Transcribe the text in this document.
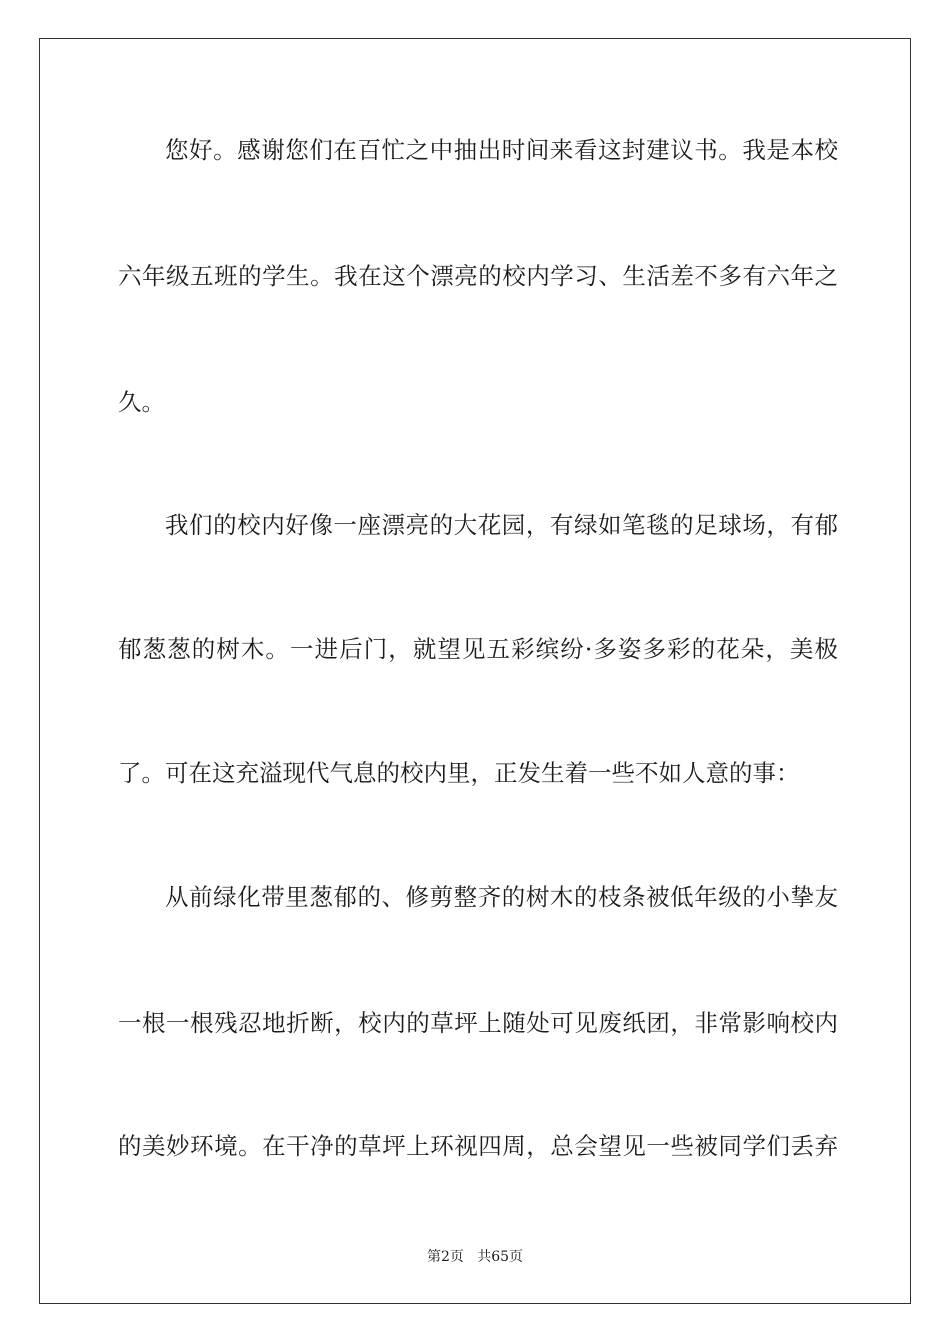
您好。感谢您们在百忙之中抽出时间来看这封建议书。我是本校

六年级五班的学生。我在这个漂亮的校内学习、生活差不多有六年之

久。

我们的校内好像一座漂亮的大花园，有绿如笔毯的足球场，有郁

郁葱葱的树木。一进后门，就望见五彩缤纷·多姿多彩的花朵，美极

了。可在这充溢现代气息的校内里，正发生着一些不如人意的事：

从前绿化带里葱郁的、修剪整齐的树木的枝条被低年级的小挚友

一根一根残忍地折断，校内的草坪上随处可见废纸团，非常影响校内

的美妙环境。在干净的草坪上环视四周，总会望见一些被同学们丢弃

第2页   共65页
